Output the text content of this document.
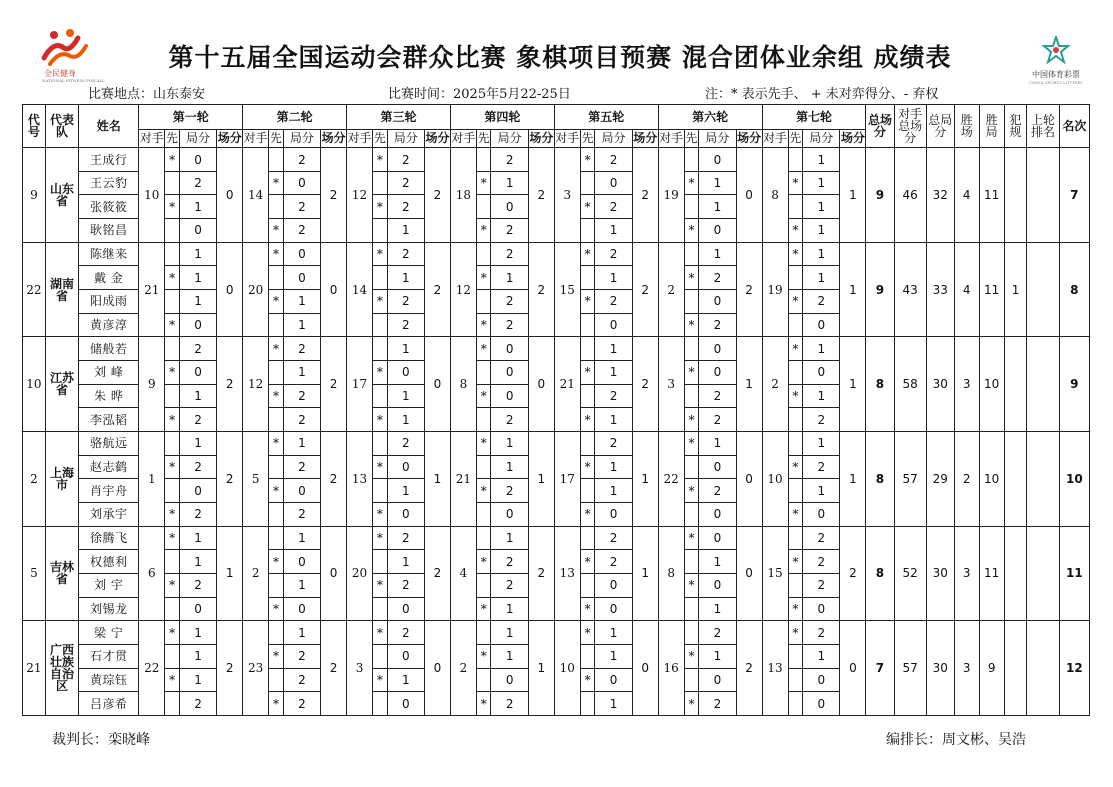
全民健身
NATIONAL FITNESS FOR ALL
第十五届全国运动会群众比赛 象棋项目预赛 混合团体业余组 成绩表
中国体育彩票
CHINA SPORTS LOTTERY
比赛地点：山东泰安	比赛时间：2025年5月22-25日	注：* 表示先手、 + 未对弈得分、- 弃权
代号	代表队	姓名	第一轮				第二轮				第三轮				第四轮				第五轮				第六轮				第七轮				总场分	对手总场分	总局分	胜场	胜局	犯规	上轮排名	名次
			对手	先	局分	场分	对手	先	局分	场分	对手	先	局分	场分	对手	先	局分	场分	对手	先	局分	场分	对手	先	局分	场分	对手	先	局分	场分								
9	山东省	王成行	10	*	0	0	14		2	2	12	*	2	2	18		2	2	3	*	2	2	19		0	0	8		1	1	9	46	32	4	11			7
		王云豹			2			*	0				2			*	1				0			*	1			*	1									
		张筱筱		*	1				2			*	2				0			*	2				1				1									
		耿铭昌			0			*	2				1			*	2				1			*	0			*	1									
22	湖南省	陈继来	21		1	0	20	*	0	0	14	*	2	2	12		2	2	15	*	2	2	2		1	2	19	*	1	1	9	43	33	4	11	1		8
		戴 金		*	1				0				1			*	1				1			*	2				1									
		阳成雨			1			*	1			*	2				2			*	2				0			*	2									
		黄彦淳		*	0				1				2			*	2				0			*	2				0									
10	江苏省	储般若	9		2	2	12	*	2	2	17		1	0	8	*	0	0	21		1	2	3		0	1	2	*	1	1	8	58	30	3	10			9
		刘 峰		*	0				1			*	0				0			*	1			*	0				0									
		朱 晔			1			*	2				1			*	0				2				2			*	1									
		李泓韬		*	2				2			*	1				2			*	1			*	2				2									
2	上海市	骆航远	1		1	2	5	*	1	2	13		2	1	21	*	1	1	17		2	1	22	*	1	0	10		1	1	8	57	29	2	10			10
		赵志鹤		*	2				2			*	0				1			*	1				0			*	2									
		肖宇舟			0			*	0				1			*	2				1			*	2				1									
		刘承宇		*	2				2			*	0				0			*	0				0			*	0									
5	吉林省	徐腾飞	6	*	1	1	2		1	0	20	*	2	2	4		1	2	13		2	1	8	*	0	0	15		2	2	8	52	30	3	11			11
		权德利			1			*	0				1			*	2			*	2				1			*	2									
		刘 宇		*	2				1			*	2				2				0			*	0				2									
		刘锡龙			0			*	0				0			*	1			*	0				1			*	0									
21	广西壮族自治区	梁 宁	22	*	1	2	23		1	2	3	*	2	0	2		1	1	10	*	1	0	16		2	2	13	*	2	0	7	57	30	3	9			12
		石才贯			1			*	2				0			*	1				1			*	1				1									
		黄琮钰		*	1				2			*	1				0			*	0				0				0									
		吕彦希			2			*	2				0			*	2				1			*	2				0									
裁判长：栾晓峰	编排长：周文彬、吴浩
